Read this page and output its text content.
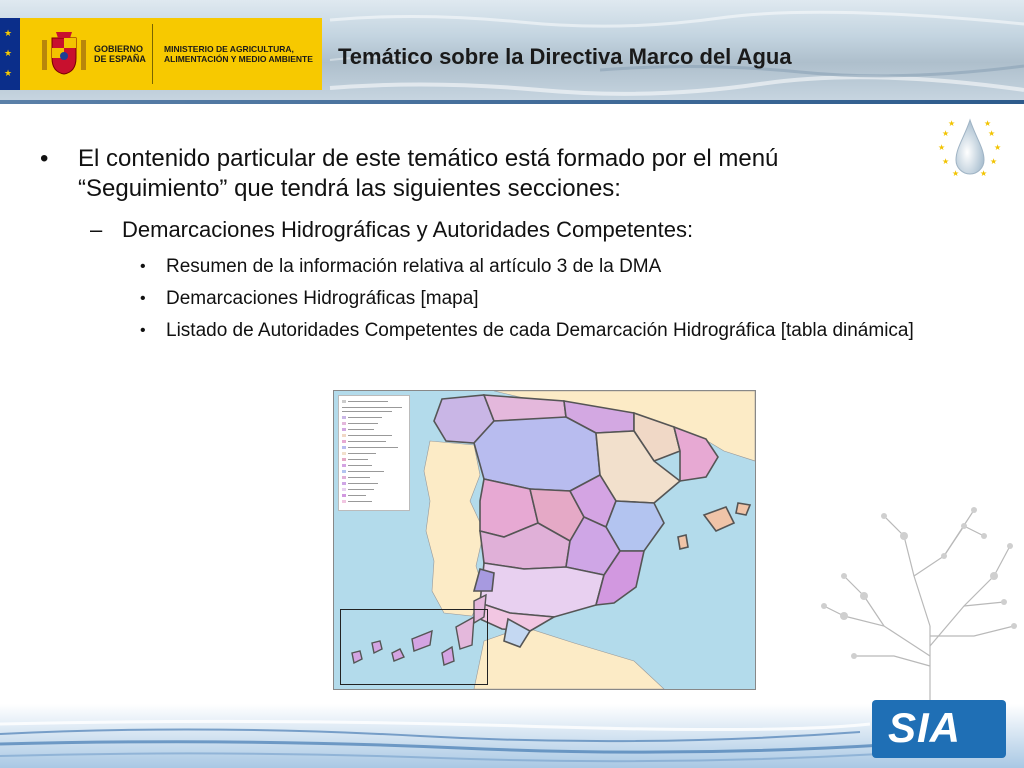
★
★
★
GOBIERNO DE ESPAÑA
MINISTERIO DE AGRICULTURA, ALIMENTACIÓN Y MEDIO AMBIENTE Temático sobre la Directiva Marco del Agua
★
★
★
★
★
★
★
★
★	★
• El contenido particular de este temático está formado por el menú “Seguimiento” que tendrá las siguientes secciones:
– Demarcaciones Hidrográficas y Autoridades Competentes:
• Resumen de la información relativa al artículo 3 de la DMA
• Demarcaciones Hidrográficas [mapa]
• Listado de Autoridades Competentes de cada Demarcación Hidrográfica [tabla dinámica]
SIA
